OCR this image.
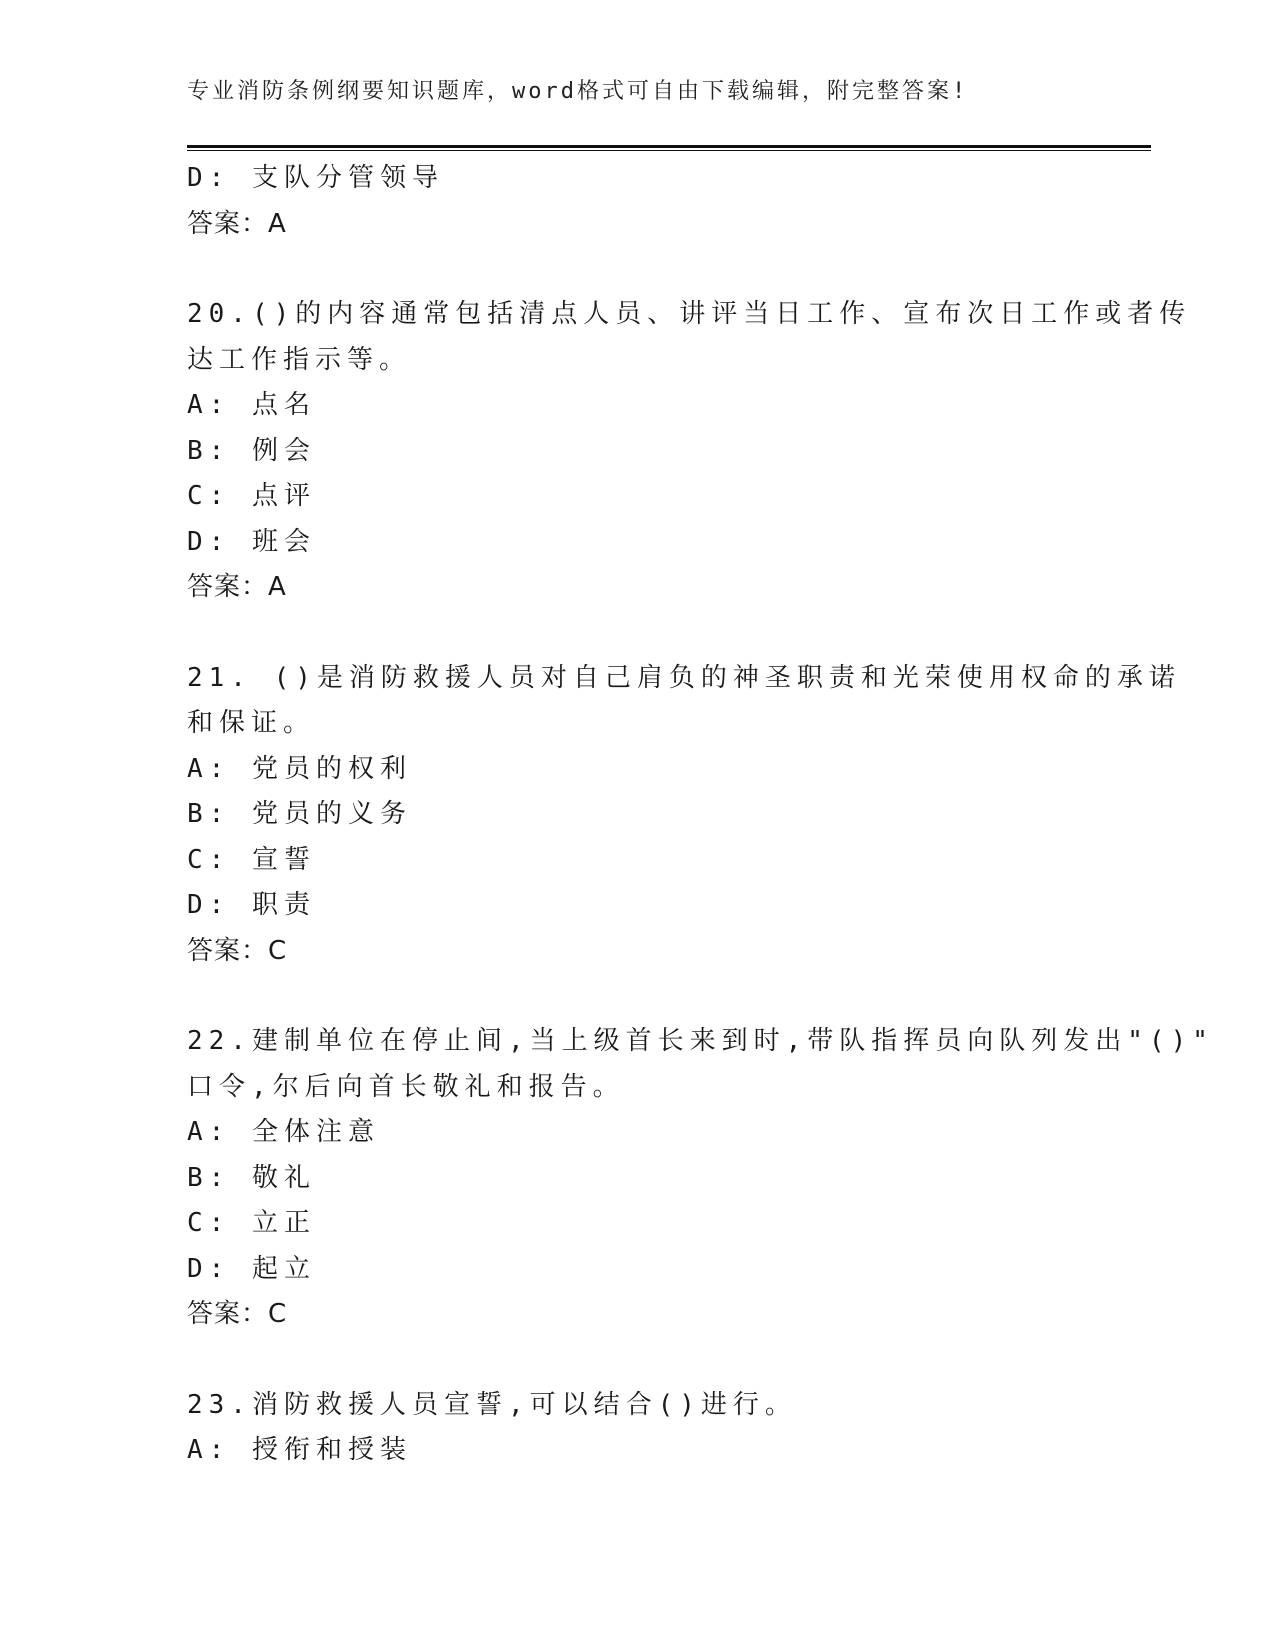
专业消防条例纲要知识题库，word格式可自由下载编辑，附完整答案!
D: 支队分管领导
答案：A
20.()的内容通常包括清点人员、讲评当日工作、宣布次日工作或者传
达工作指示等。
A: 点名
B: 例会
C: 点评
D: 班会
答案：A
21. ()是消防救援人员对自己肩负的神圣职责和光荣使用权命的承诺
和保证。
A: 党员的权利
B: 党员的义务
C: 宣誓
D: 职责
答案：C
22.建制单位在停止间,当上级首长来到时,带队指挥员向队列发出"()"
口令,尔后向首长敬礼和报告。
A: 全体注意
B: 敬礼
C: 立正
D: 起立
答案：C
23.消防救援人员宣誓,可以结合()进行。
A: 授衔和授装
